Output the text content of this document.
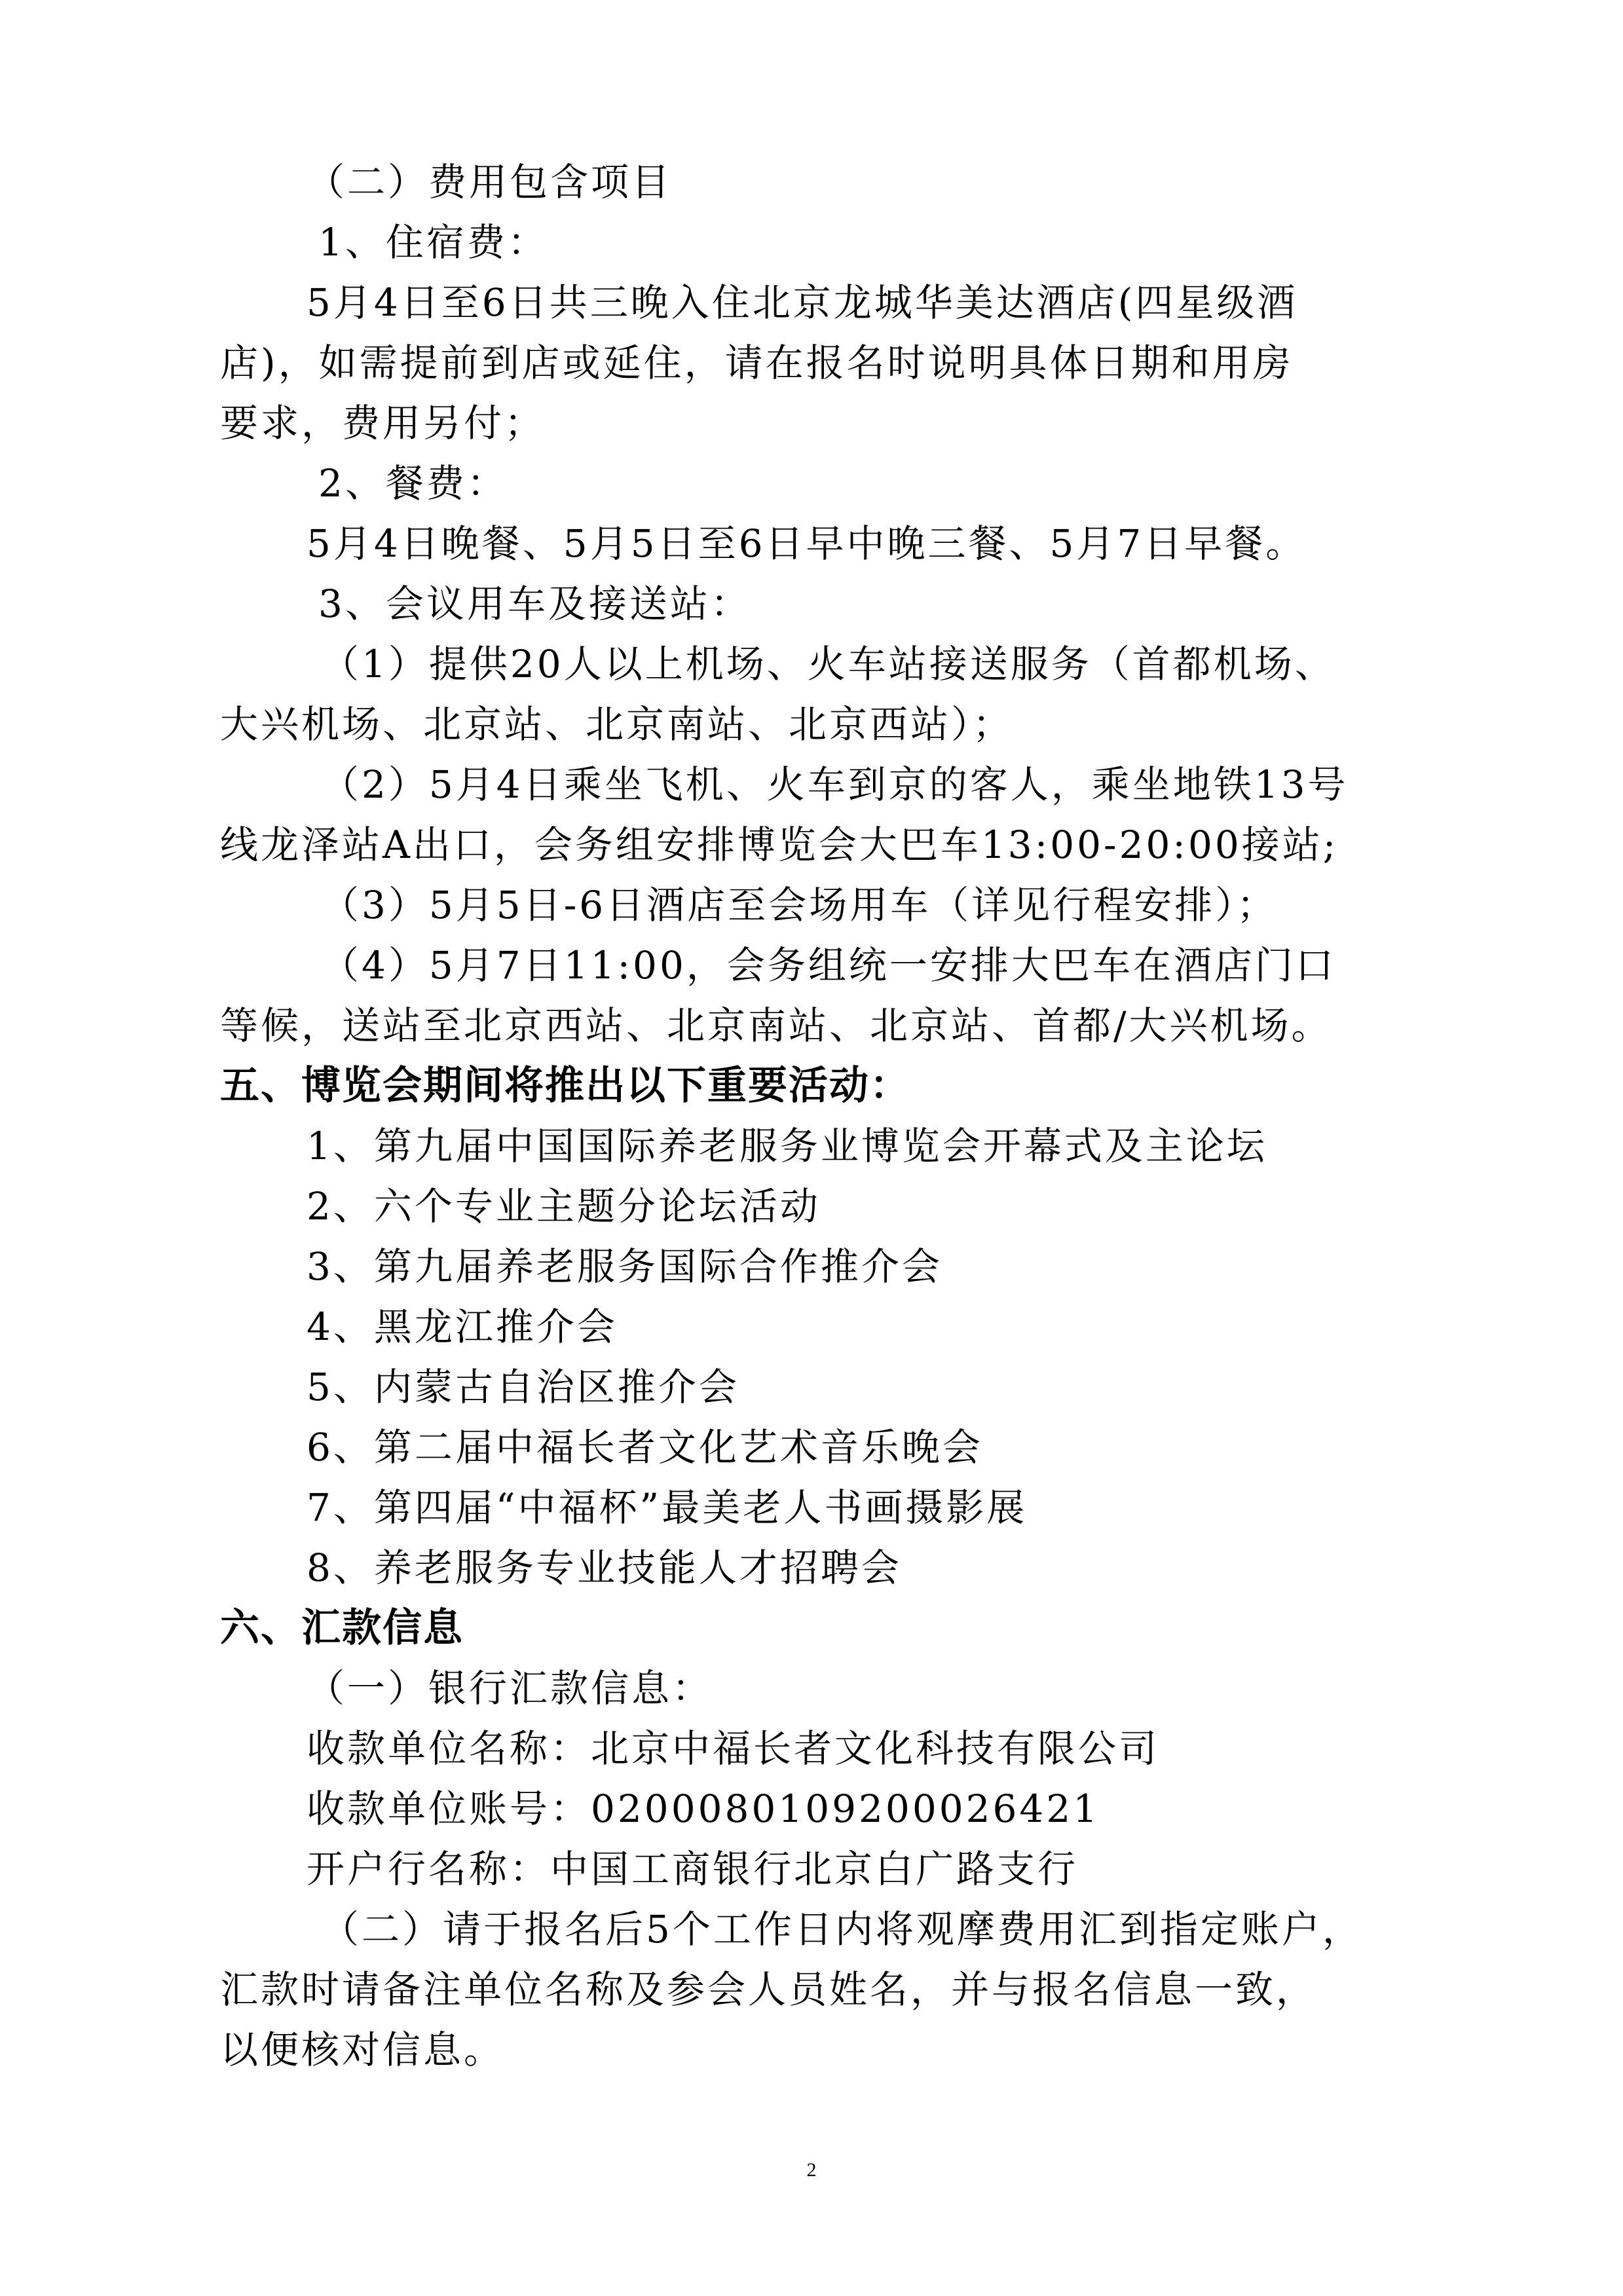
（二）费用包含项目
1、住宿费：
5月4日至6日共三晚入住北京龙城华美达酒店(四星级酒
店)，如需提前到店或延住，请在报名时说明具体日期和用房
要求，费用另付；
2、餐费：
5月4日晚餐、5月5日至6日早中晚三餐、5月7日早餐。
3、会议用车及接送站：
（1）提供20人以上机场、火车站接送服务（首都机场、
大兴机场、北京站、北京南站、北京西站）；
（2）5月4日乘坐飞机、火车到京的客人，乘坐地铁13号
线龙泽站A出口，会务组安排博览会大巴车13:00-20:00接站;
（3）5月5日-6日酒店至会场用车（详见行程安排）；
（4）5月7日11:00，会务组统一安排大巴车在酒店门口
等候，送站至北京西站、北京南站、北京站、首都/大兴机场。
五、博览会期间将推出以下重要活动：
1、第九届中国国际养老服务业博览会开幕式及主论坛
2、六个专业主题分论坛活动
3、第九届养老服务国际合作推介会
4、黑龙江推介会
5、内蒙古自治区推介会
6、第二届中福长者文化艺术音乐晚会
7、第四届“中福杯”最美老人书画摄影展
8、养老服务专业技能人才招聘会
六、汇款信息
（一）银行汇款信息：
收款单位名称：北京中福长者文化科技有限公司
收款单位账号：0200080109200026421
开户行名称：中国工商银行北京白广路支行
（二）请于报名后5个工作日内将观摩费用汇到指定账户，
汇款时请备注单位名称及参会人员姓名，并与报名信息一致，
以便核对信息。
2
